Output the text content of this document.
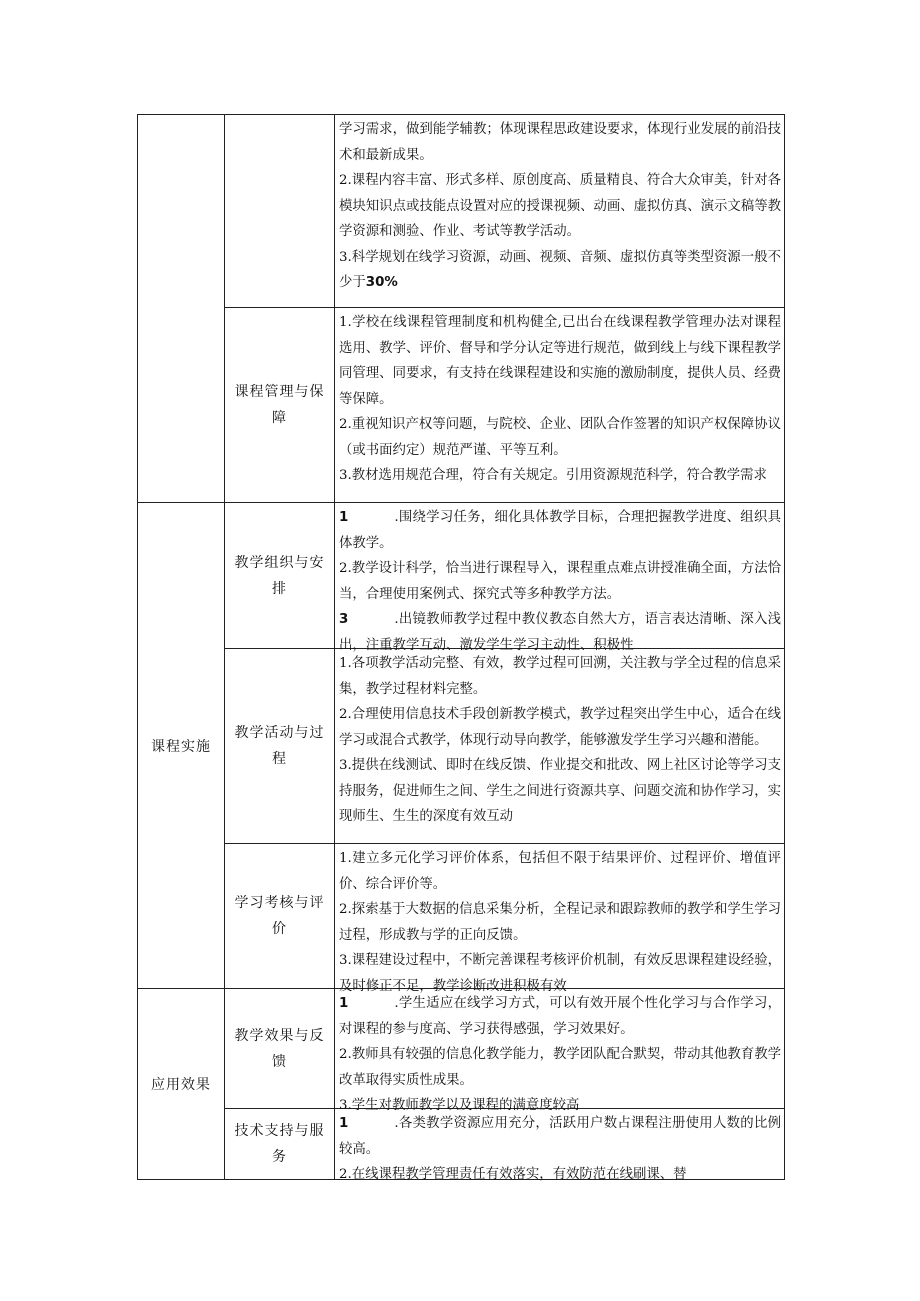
		学习需求，做到能学辅教；体现课程思政建设要求，体现行业发展的前沿技术和最新成果。

2.课程内容丰富、形式多样、原创度高、质量精良、符合大众审美，针对各模块知识点或技能点设置对应的授课视频、动画、虚拟仿真、演示文稿等教学资源和测验、作业、考试等教学活动。

3.科学规划在线学习资源，动画、视频、音频、虚拟仿真等类型资源一般不少于30%

	课程管理与保障	1.学校在线课程管理制度和机构健全,已出台在线课程教学管理办法对课程选用、教学、评价、督导和学分认定等进行规范，做到线上与线下课程教学同管理、同要求，有支持在线课程建设和实施的激励制度，提供人员、经费等保障。

2.重视知识产权等问题，与院校、企业、团队合作签署的知识产权保障协议（或书面约定）规范严谨、平等互利。

3.教材选用规范合理，符合有关规定。引用资源规范科学，符合教学需求

课程实施	教学组织与安排	1 .围绕学习任务，细化具体教学目标，合理把握教学进度、组织具体教学。

2.教学设计科学，恰当进行课程导入，课程重点难点讲授准确全面，方法恰当，合理使用案例式、探究式等多种教学方法。

3 .出镜教师教学过程中教仪教态自然大方，语言表达清晰、深入浅出，注重教学互动、激发学生学习主动性、积极性

	教学活动与过程	1.各项教学活动完整、有效，教学过程可回溯，关注教与学全过程的信息采集，教学过程材料完整。

2.合理使用信息技术手段创新教学模式，教学过程突出学生中心，适合在线学习或混合式教学，体现行动导向教学，能够激发学生学习兴趣和潜能。

3.提供在线测试、即时在线反馈、作业提交和批改、网上社区讨论等学习支持服务，促进师生之间、学生之间进行资源共享、问题交流和协作学习，实现师生、生生的深度有效互动

	学习考核与评价	1.建立多元化学习评价体系，包括但不限于结果评价、过程评价、增值评价、综合评价等。

2.探索基于大数据的信息采集分析，全程记录和跟踪教师的教学和学生学习过程，形成教与学的正向反馈。

3.课程建设过程中，不断完善课程考核评价机制，有效反思课程建设经验，及时修正不足，教学诊断改进积极有效

应用效果	教学效果与反馈	1 .学生适应在线学习方式，可以有效开展个性化学习与合作学习，对课程的参与度高、学习获得感强，学习效果好。

2.教师具有较强的信息化教学能力，教学团队配合默契，带动其他教育教学改革取得实质性成果。

3.学生对教师教学以及课程的满意度较高

	技术支持与服务	1 .各类教学资源应用充分，活跃用户数占课程注册使用人数的比例较高。

2.在线课程教学管理责任有效落实，有效防范在线刷课、替
